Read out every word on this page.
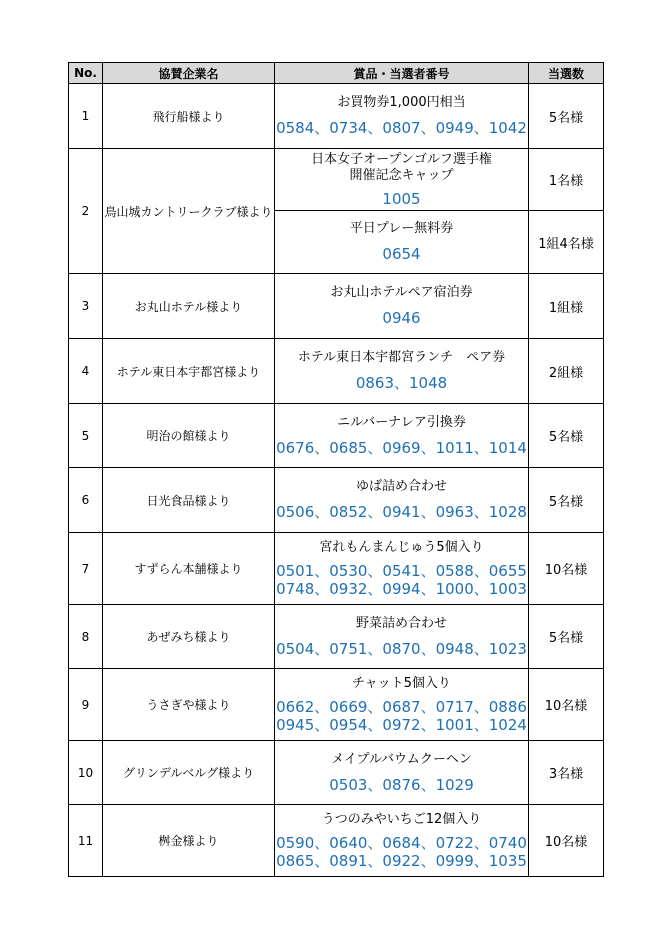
No.	協賛企業名	賞品・当選者番号	当選数
1	飛行船様より	お買物券1,000円相当
0584、0734、0807、0949、1042	5名様
2	鳥山城カントリークラブ様より	日本女子オープンゴルフ選手権
開催記念キャップ
1005	1名様

		平日プレー無料券
0654	1組4名様
3	お丸山ホテル様より	お丸山ホテルペア宿泊券
0946	1組様
4	ホテル東日本宇都宮様より	ホテル東日本宇都宮ランチ　ペア券
0863、1048	2組様
5	明治の館様より	ニルバーナレア引換券
0676、0685、0969、1011、1014	5名様
6	日光食品様より	ゆば詰め合わせ
0506、0852、0941、0963、1028	5名様
7	すずらん本舗様より	宮れもんまんじゅう5個入り
0501、0530、0541、0588、0655
0748、0932、0994、1000、1003	10名様
8	あぜみち様より	野菜詰め合わせ
0504、0751、0870、0948、1023	5名様
9	うさぎや様より	チャット5個入り
0662、0669、0687、0717、0886
0945、0954、0972、1001、1024	10名様
10	グリンデルベルグ様より	メイプルバウムクーヘン
0503、0876、1029	3名様
11	桝金様より	うつのみやいちご12個入り
0590、0640、0684、0722、0740
0865、0891、0922、0999、1035	10名様
